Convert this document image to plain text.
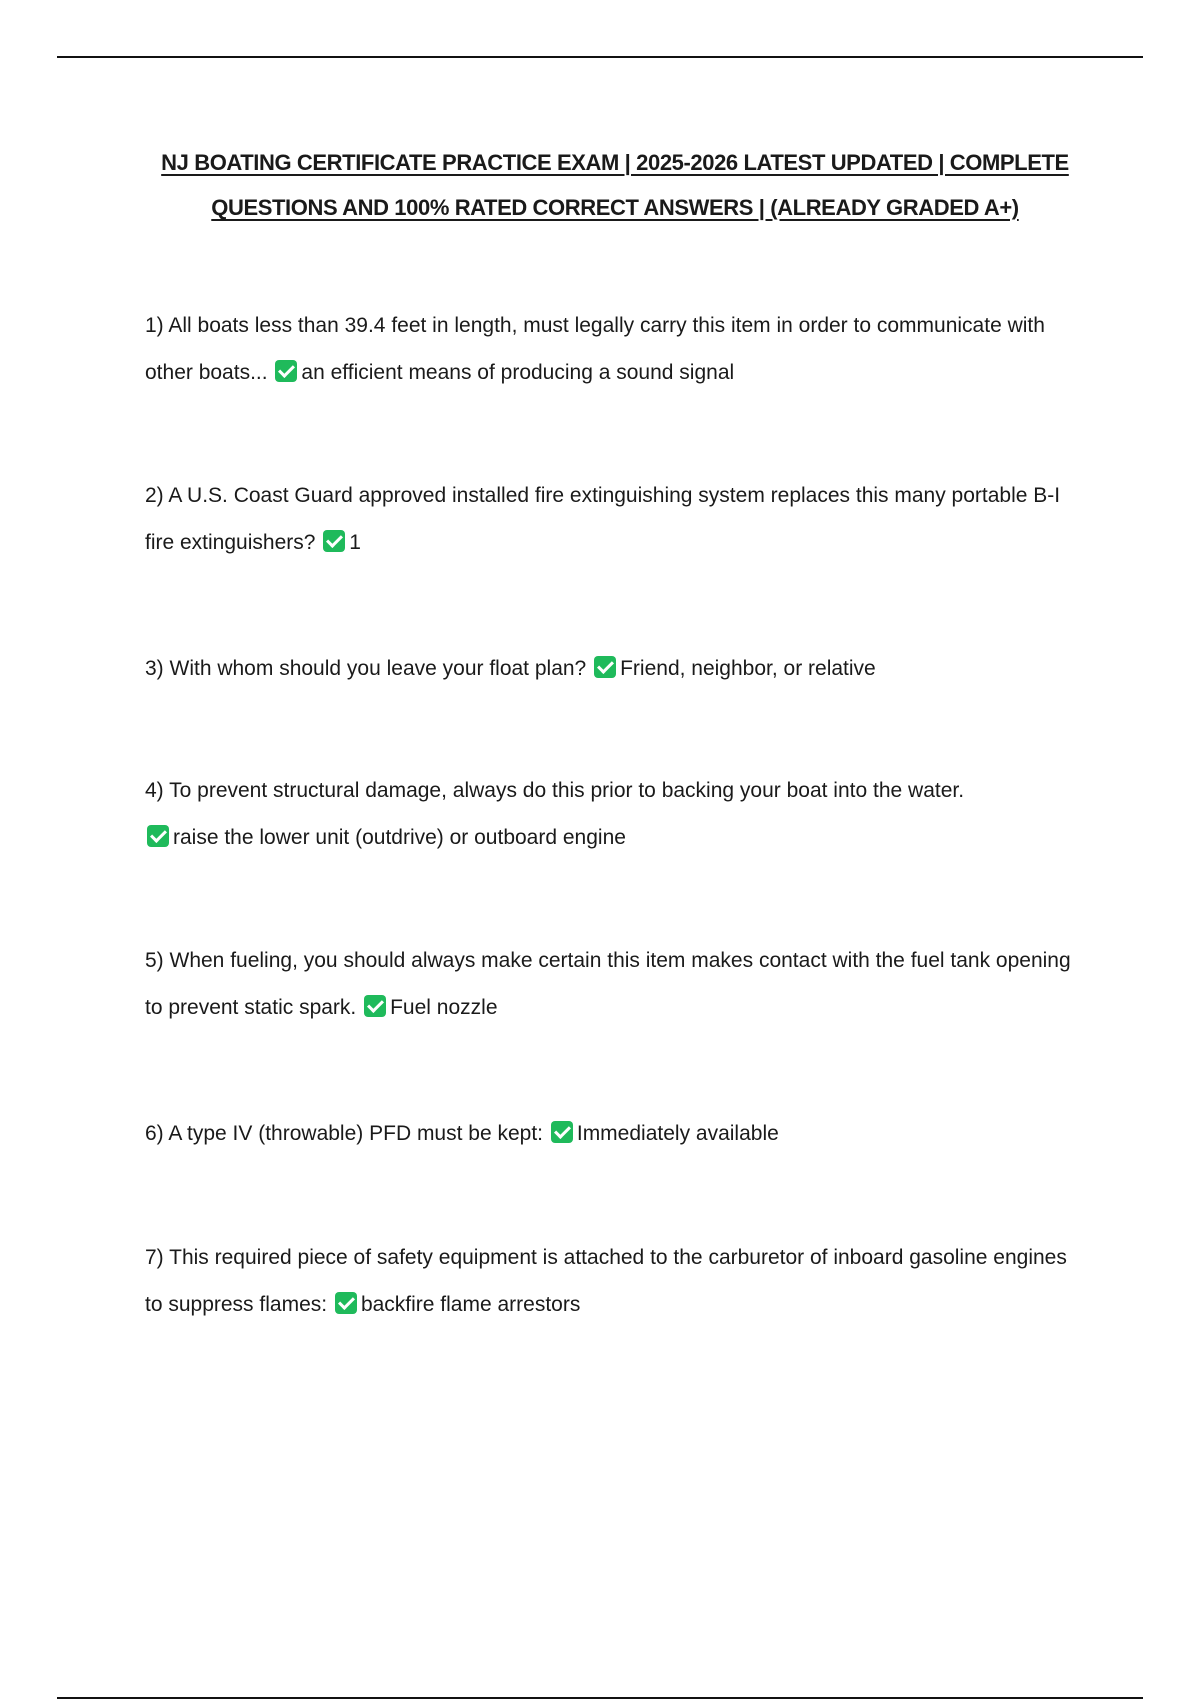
NJ BOATING CERTIFICATE PRACTICE EXAM | 2025-2026 LATEST UPDATED | COMPLETE
QUESTIONS AND 100% RATED CORRECT ANSWERS | (ALREADY GRADED A+)

1) All boats less than 39.4 feet in length, must legally carry this item in order to communicate with other boats... an efficient means of producing a sound signal

2) A U.S. Coast Guard approved installed fire extinguishing system replaces this many portable B-I fire extinguishers? 1

3) With whom should you leave your float plan? Friend, neighbor, or relative

4) To prevent structural damage, always do this prior to backing your boat into the water.
raise the lower unit (outdrive) or outboard engine

5) When fueling, you should always make certain this item makes contact with the fuel tank opening to prevent static spark. Fuel nozzle

6) A type IV (throwable) PFD must be kept: Immediately available

7) This required piece of safety equipment is attached to the carburetor of inboard gasoline engines to suppress flames: backfire flame arrestors
